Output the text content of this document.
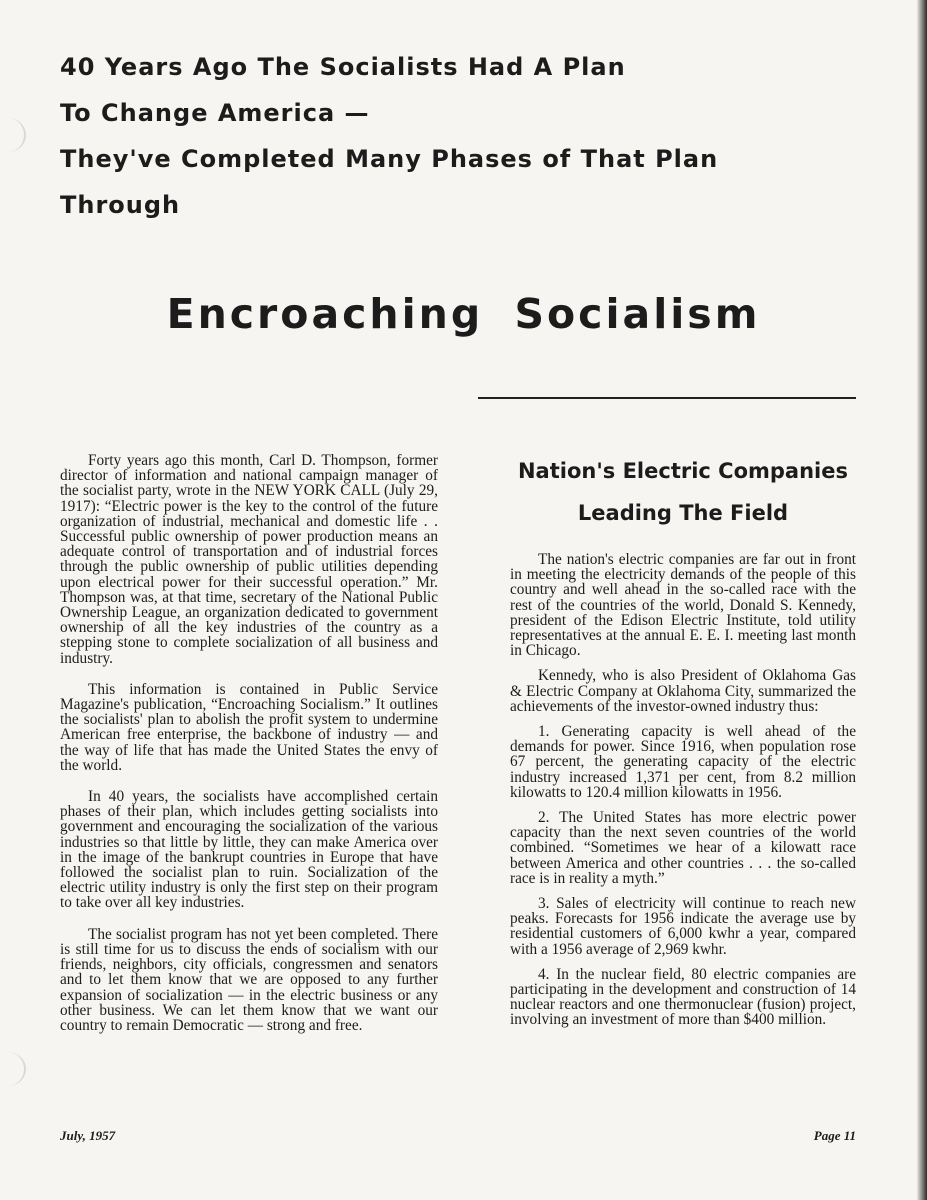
40 Years Ago The Socialists Had A Plan
To Change America —
They've Completed Many Phases of That Plan
Through
Encroaching Socialism

Forty years ago this month, Carl D. Thompson, former director of information and national campaign manager of the socialist party, wrote in the NEW YORK CALL (July 29, 1917): “Electric power is the key to the control of the future organization of industrial, mechanical and domestic life . . Successful public ownership of power production means an adequate control of transportation and of industrial forces through the public ownership of public utilities depending upon electrical power for their successful operation.” Mr. Thompson was, at that time, secretary of the National Public Ownership League, an organization dedicated to government ownership of all the key industries of the country as a stepping stone to complete socialization of all business and industry.

This information is contained in Public Service Magazine's publication, “Encroaching Socialism.” It outlines the socialists' plan to abolish the profit system to undermine American free enterprise, the backbone of industry — and the way of life that has made the United States the envy of the world.

In 40 years, the socialists have accomplished certain phases of their plan, which includes getting socialists into government and encouraging the socialization of the various industries so that little by little, they can make America over in the image of the bankrupt countries in Europe that have followed the socialist plan to ruin. Socialization of the electric utility industry is only the first step on their program to take over all key industries.

The socialist program has not yet been completed. There is still time for us to discuss the ends of socialism with our friends, neighbors, city officials, congressmen and senators and to let them know that we are opposed to any further expansion of socialization — in the electric business or any other business. We can let them know that we want our country to remain Democratic — strong and free.

Nation's Electric Companies
Leading The Field

The nation's electric companies are far out in front in meeting the electricity demands of the people of this country and well ahead in the so-called race with the rest of the countries of the world, Donald S. Kennedy, president of the Edison Electric Institute, told utility representatives at the annual E. E. I. meeting last month in Chicago.

Kennedy, who is also President of Oklahoma Gas & Electric Company at Oklahoma City, summarized the achievements of the investor-owned industry thus:

1. Generating capacity is well ahead of the demands for power. Since 1916, when population rose 67 percent, the generating capacity of the electric industry increased 1,371 per cent, from 8.2 million kilowatts to 120.4 million kilowatts in 1956.

2. The United States has more electric power capacity than the next seven countries of the world combined. “Sometimes we hear of a kilowatt race between America and other countries . . . the so-called race is in reality a myth.”

3. Sales of electricity will continue to reach new peaks. Forecasts for 1956 indicate the average use by residential customers of 6,000 kwhr a year, compared with a 1956 average of 2,969 kwhr.

4. In the nuclear field, 80 electric companies are participating in the development and construction of 14 nuclear reactors and one thermonuclear (fusion) project, involving an investment of more than $400 million.

July, 1957	Page 11
